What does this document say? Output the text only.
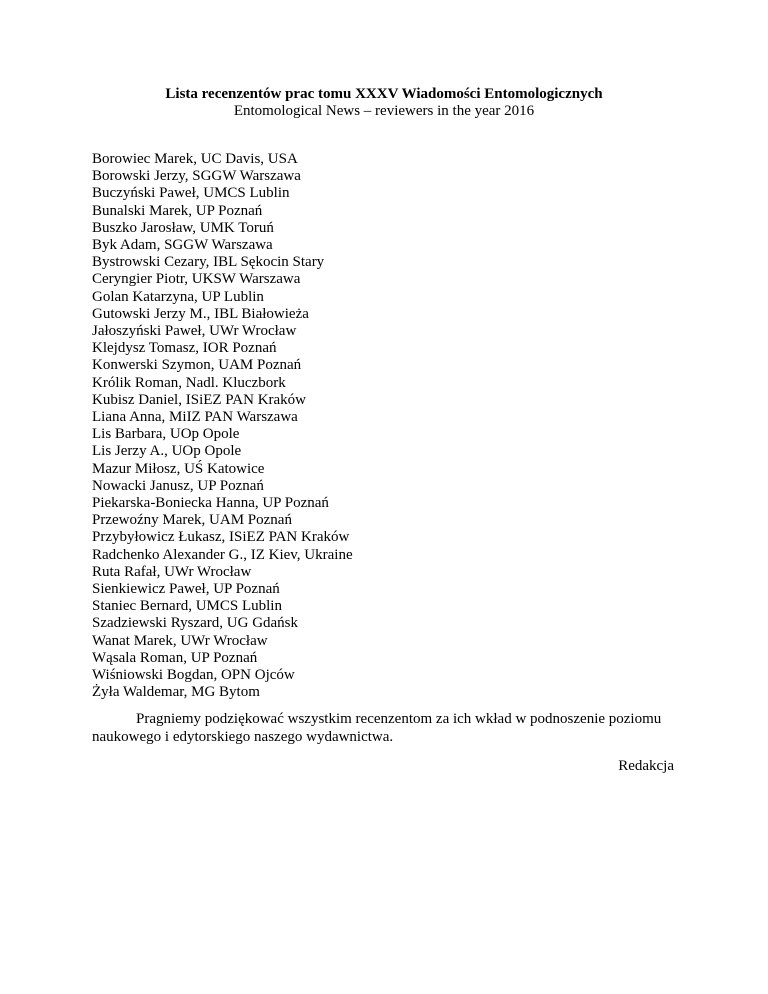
Lista recenzentów prac tomu XXXV Wiadomości Entomologicznych
Entomological News – reviewers in the year 2016
Borowiec Marek, UC Davis, USA
Borowski Jerzy, SGGW Warszawa
Buczyński Paweł, UMCS Lublin
Bunalski Marek, UP Poznań
Buszko Jarosław, UMK Toruń
Byk Adam, SGGW Warszawa
Bystrowski Cezary, IBL Sękocin Stary
Ceryngier Piotr, UKSW Warszawa
Golan Katarzyna, UP Lublin
Gutowski Jerzy M., IBL Białowieża
Jałoszyński Paweł, UWr Wrocław
Klejdysz Tomasz, IOR Poznań
Konwerski Szymon, UAM Poznań
Królik Roman, Nadl. Kluczbork
Kubisz Daniel, ISiEZ PAN Kraków
Liana Anna, MiIZ PAN Warszawa
Lis Barbara, UOp Opole
Lis Jerzy A., UOp Opole
Mazur Miłosz, UŚ Katowice
Nowacki Janusz, UP Poznań
Piekarska-Boniecka Hanna, UP Poznań
Przewoźny Marek, UAM Poznań
Przybyłowicz Łukasz, ISiEZ PAN Kraków
Radchenko Alexander G., IZ Kiev, Ukraine
Ruta Rafał, UWr Wrocław
Sienkiewicz Paweł, UP Poznań
Staniec Bernard, UMCS Lublin
Szadziewski Ryszard, UG Gdańsk
Wanat Marek, UWr Wrocław
Wąsala Roman, UP Poznań
Wiśniowski Bogdan, OPN Ojców
Żyła Waldemar, MG Bytom

Pragniemy podziękować wszystkim recenzentom za ich wkład w podnoszenie poziomu naukowego i edytorskiego naszego wydawnictwa.

Redakcja
